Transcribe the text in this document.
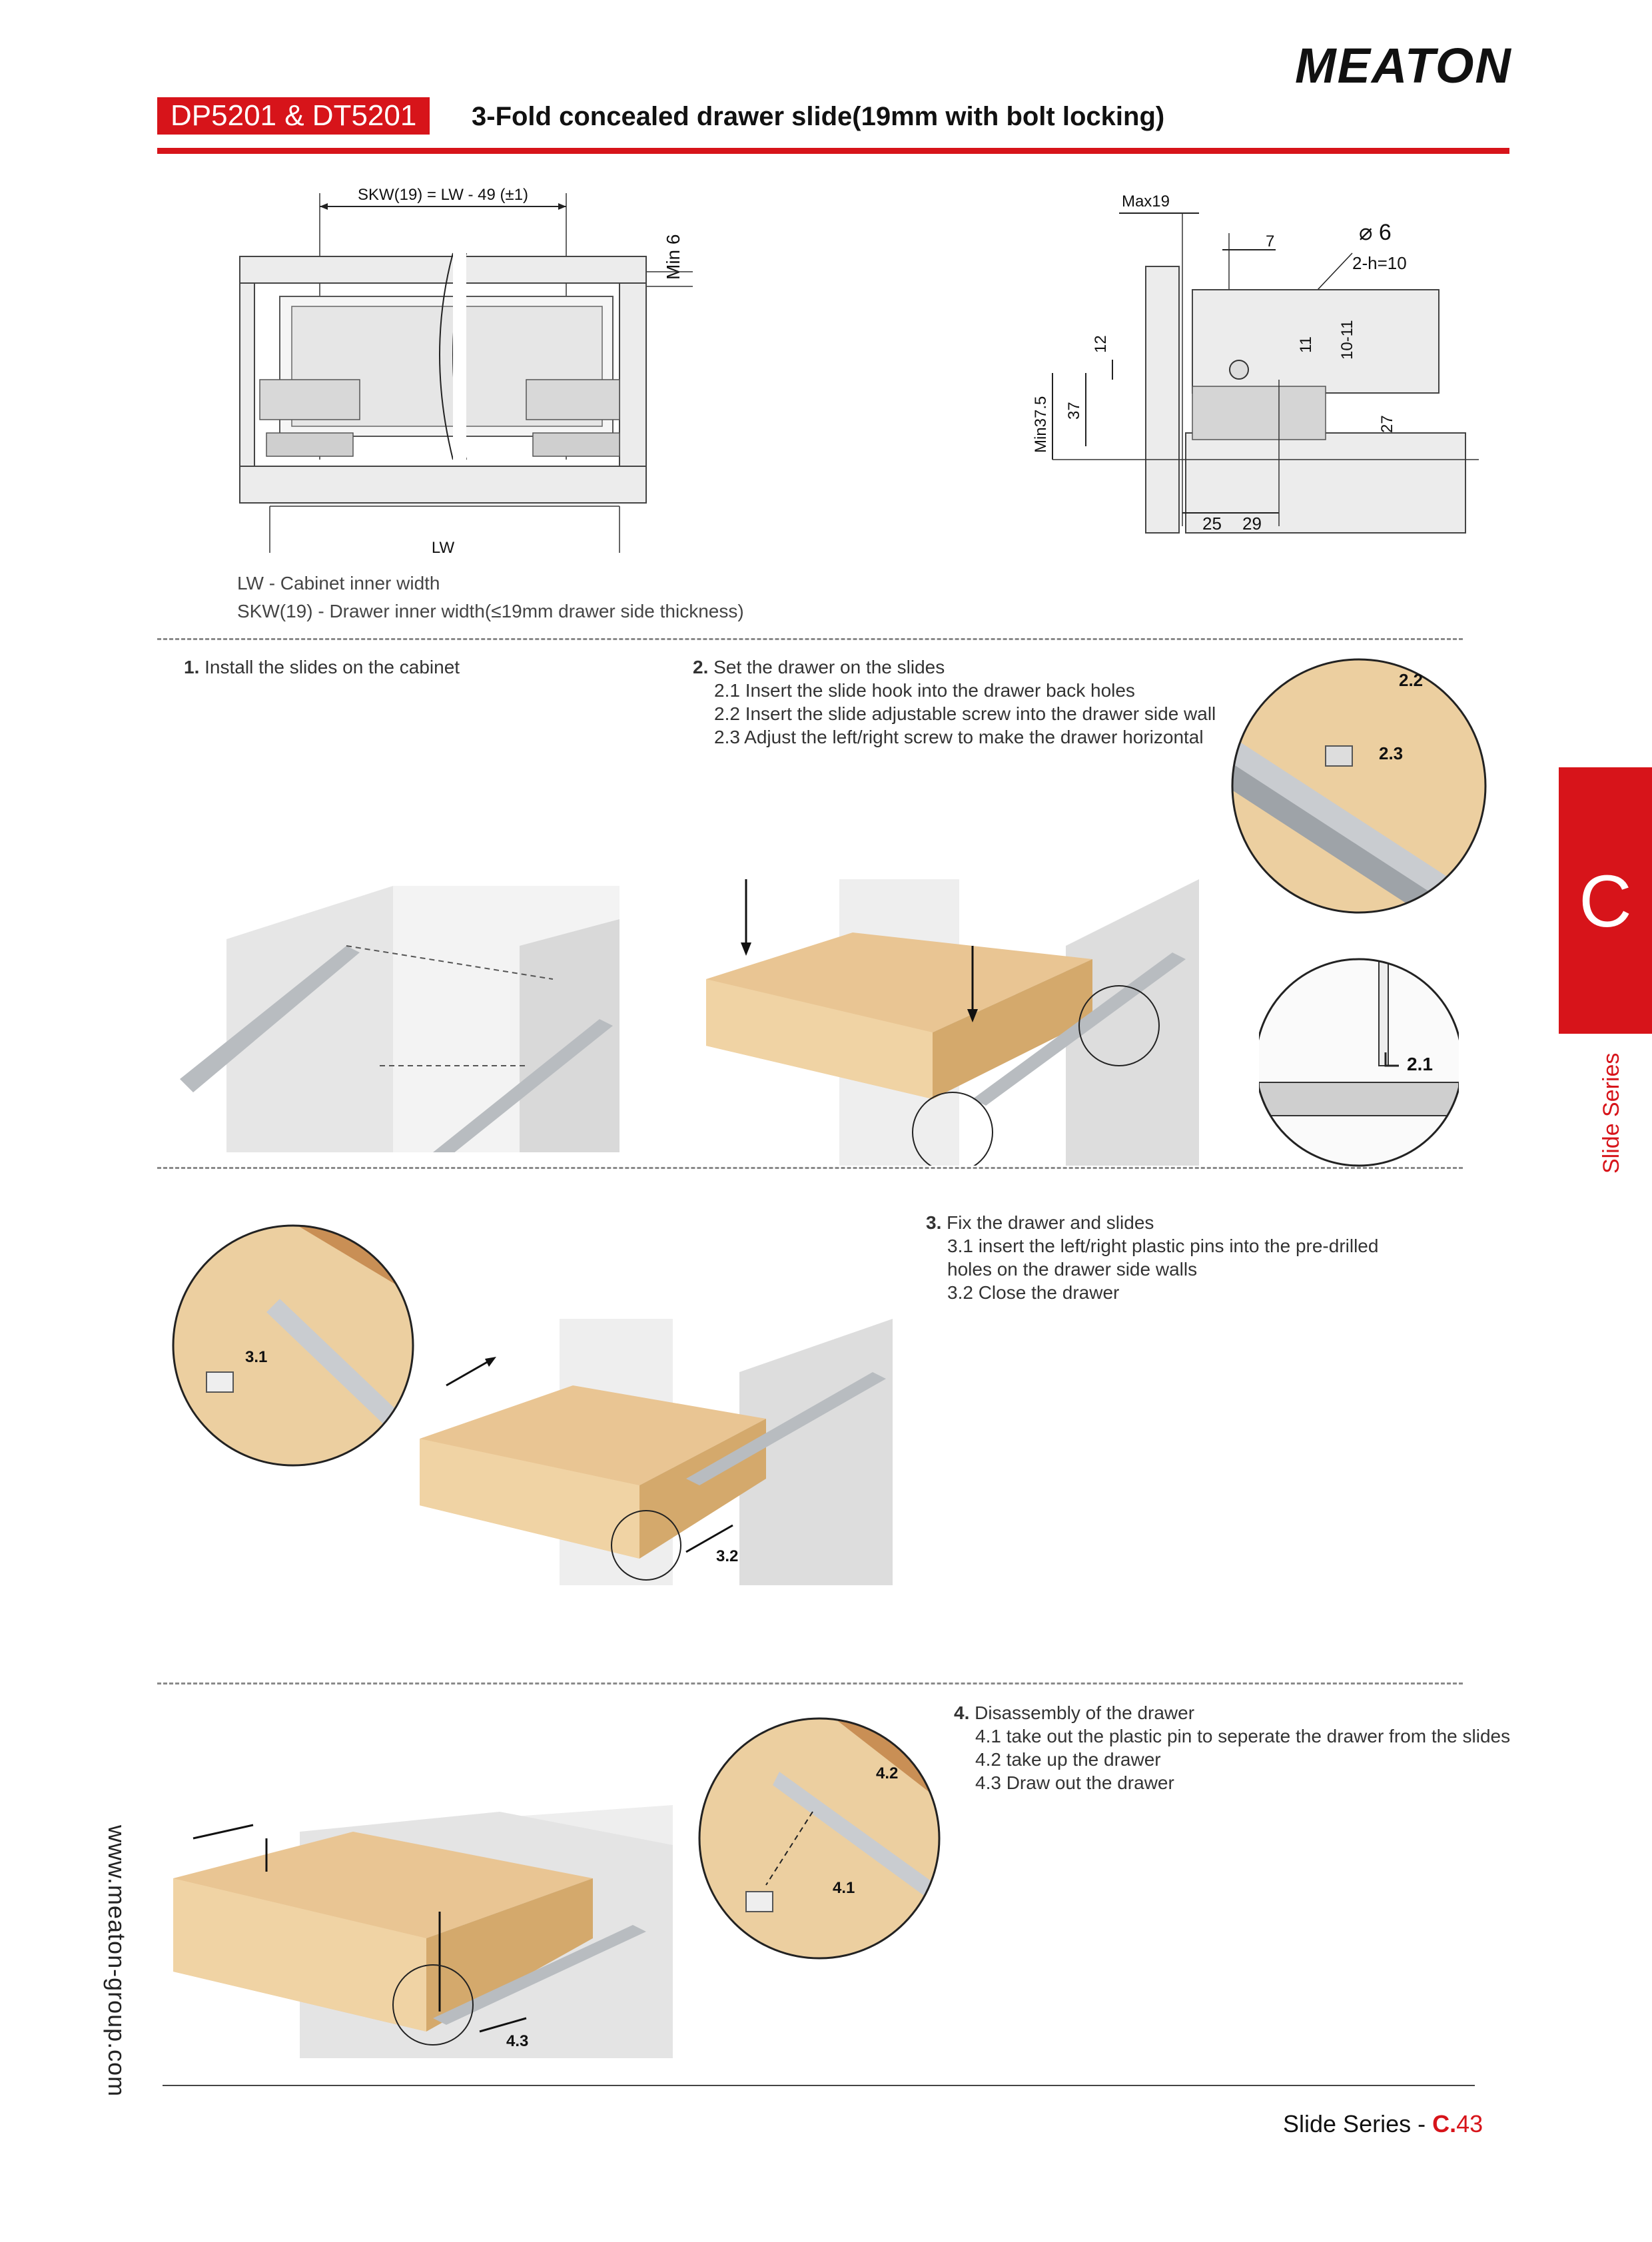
MEATON
DP5201 & DT5201	3-Fold concealed drawer slide(19mm with bolt locking)
SKW(19) = LW - 49 (±1)
Min 6
LW
Max19
7	⌀ 6
2-h=10
12	11 10-11
Min37.5 37
27
25 29
LW - Cabinet inner width
SKW(19) - Drawer inner width(≤19mm drawer side thickness)
1. Install the slides on the cabinet	2. Set the drawer on the slides
2.1 Insert the slide hook into the drawer back holes
2.2 Insert the slide adjustable screw into the drawer side wall
2.3 Adjust the left/right screw to make the drawer horizontal
2.2
2.3
2.1
3. Fix the drawer and slides
3.1 insert the left/right plastic pins into the pre-drilled
holes on the drawer side walls
3.2 Close the drawer
3.1
3.2
4. Disassembly of the drawer
4.1 take out the plastic pin to seperate the drawer from the slides
4.2 take up the drawer
4.3 Draw out the drawer
4.2
4.1
4.3
C
Slide Series
www.meaton-group.com
Slide Series - C.43
